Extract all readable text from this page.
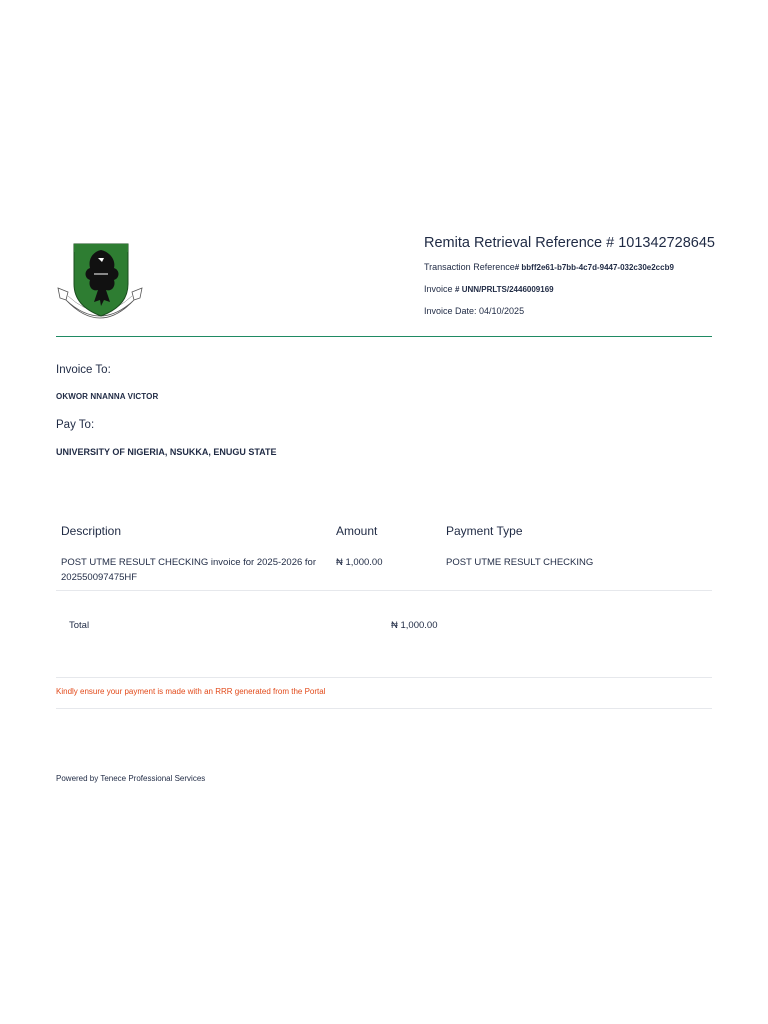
Remita Retrieval Reference # 101342728645
Transaction Reference# bbff2e61-b7bb-4c7d-9447-032c30e2ccb9
Invoice # UNN/PRLTS/2446009169
Invoice Date: 04/10/2025
Invoice To:
OKWOR NNANNA VICTOR
Pay To:
UNIVERSITY OF NIGERIA, NSUKKA, ENUGU STATE
Description	Amount	Payment Type
POST UTME RESULT CHECKING invoice for 2025-2026 for
202550097475HF
₦ 1,000.00	POST UTME RESULT CHECKING
Total	₦ 1,000.00
Kindly ensure your payment is made with an RRR generated from the Portal
Powered by Tenece Professional Services
